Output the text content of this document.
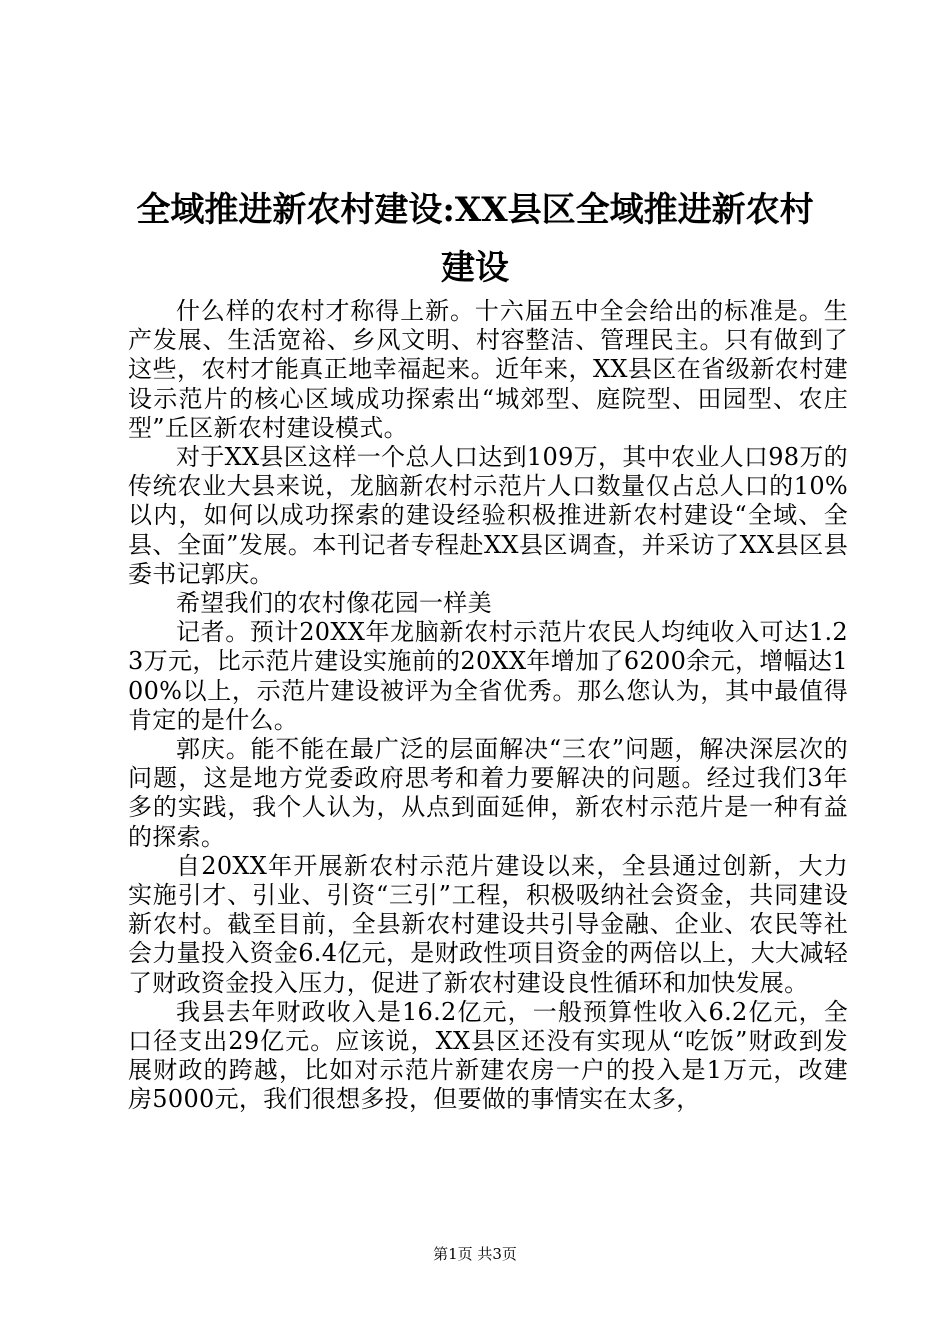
全域推进新农村建设:XX县区全域推进新农村
建设

什么样的农村才称得上新。十六届五中全会给出的标准是。生产发展、生活宽裕、乡风文明、村容整洁、管理民主。只有做到了这些，农村才能真正地幸福起来。近年来，XX县区在省级新农村建设示范片的核心区域成功探索出“城郊型、庭院型、田园型、农庄型”丘区新农村建设模式。

对于XX县区这样一个总人口达到109万，其中农业人口98万的传统农业大县来说，龙脑新农村示范片人口数量仅占总人口的10%以内，如何以成功探索的建设经验积极推进新农村建设“全域、全县、全面”发展。本刊记者专程赴XX县区调查，并采访了XX县区县委书记郭庆。

希望我们的农村像花园一样美

记者。预计20XX年龙脑新农村示范片农民人均纯收入可达1.23万元，比示范片建设实施前的20XX年增加了6200余元，增幅达100%以上，示范片建设被评为全省优秀。那么您认为，其中最值得肯定的是什么。

郭庆。能不能在最广泛的层面解决“三农”问题，解决深层次的问题，这是地方党委政府思考和着力要解决的问题。经过我们3年多的实践，我个人认为，从点到面延伸，新农村示范片是一种有益的探索。

自20XX年开展新农村示范片建设以来，全县通过创新，大力实施引才、引业、引资“三引”工程，积极吸纳社会资金，共同建设新农村。截至目前，全县新农村建设共引导金融、企业、农民等社会力量投入资金6.4亿元，是财政性项目资金的两倍以上，大大减轻了财政资金投入压力，促进了新农村建设良性循环和加快发展。

我县去年财政收入是16.2亿元，一般预算性收入6.2亿元，全口径支出29亿元。应该说，XX县区还没有实现从“吃饭”财政到发展财政的跨越，比如对示范片新建农房一户的投入是1万元，改建房5000元，我们很想多投，但要做的事情实在太多，

第1页 共3页
